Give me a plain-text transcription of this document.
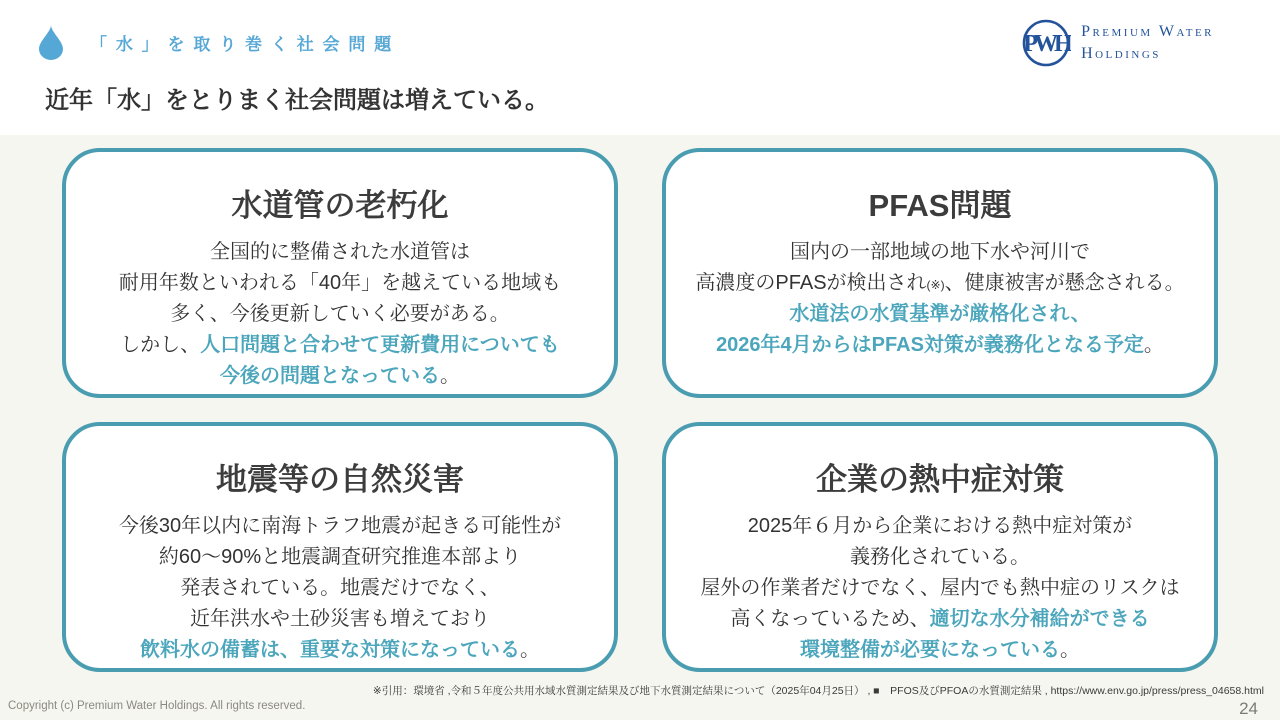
「水」を取り巻く社会問題	PWH Premium Water
Holdings
近年「水」をとりまく社会問題は増えている。
水道管の老朽化
全国的に整備された水道管は
耐用年数といわれる「40年」を越えている地域も
多く、今後更新していく必要がある。
しかし、人口問題と合わせて更新費用についても
今後の問題となっている。
PFAS問題
国内の一部地域の地下水や河川で
高濃度のPFASが検出され(※)、健康被害が懸念される。
水道法の水質基準が厳格化され、
2026年4月からはPFAS対策が義務化となる予定。
地震等の自然災害
今後30年以内に南海トラフ地震が起きる可能性が
約60〜90%と地震調査研究推進本部より
発表されている。地震だけでなく、
近年洪水や土砂災害も増えており
飲料水の備蓄は、重要な対策になっている。
企業の熱中症対策
2025年６月から企業における熱中症対策が
義務化されている。
屋外の作業者だけでなく、屋内でも熱中症のリスクは
高くなっているため、適切な水分補給ができる
環境整備が必要になっている。
※引用：環境省 ,令和５年度公共用水域水質測定結果及び地下水質測定結果について（2025年04月25日） , ■　PFOS及びPFOAの水質測定結果 , https://www.env.go.jp/press/press_04658.html
Copyright (c) Premium Water Holdings. All rights reserved.	24
